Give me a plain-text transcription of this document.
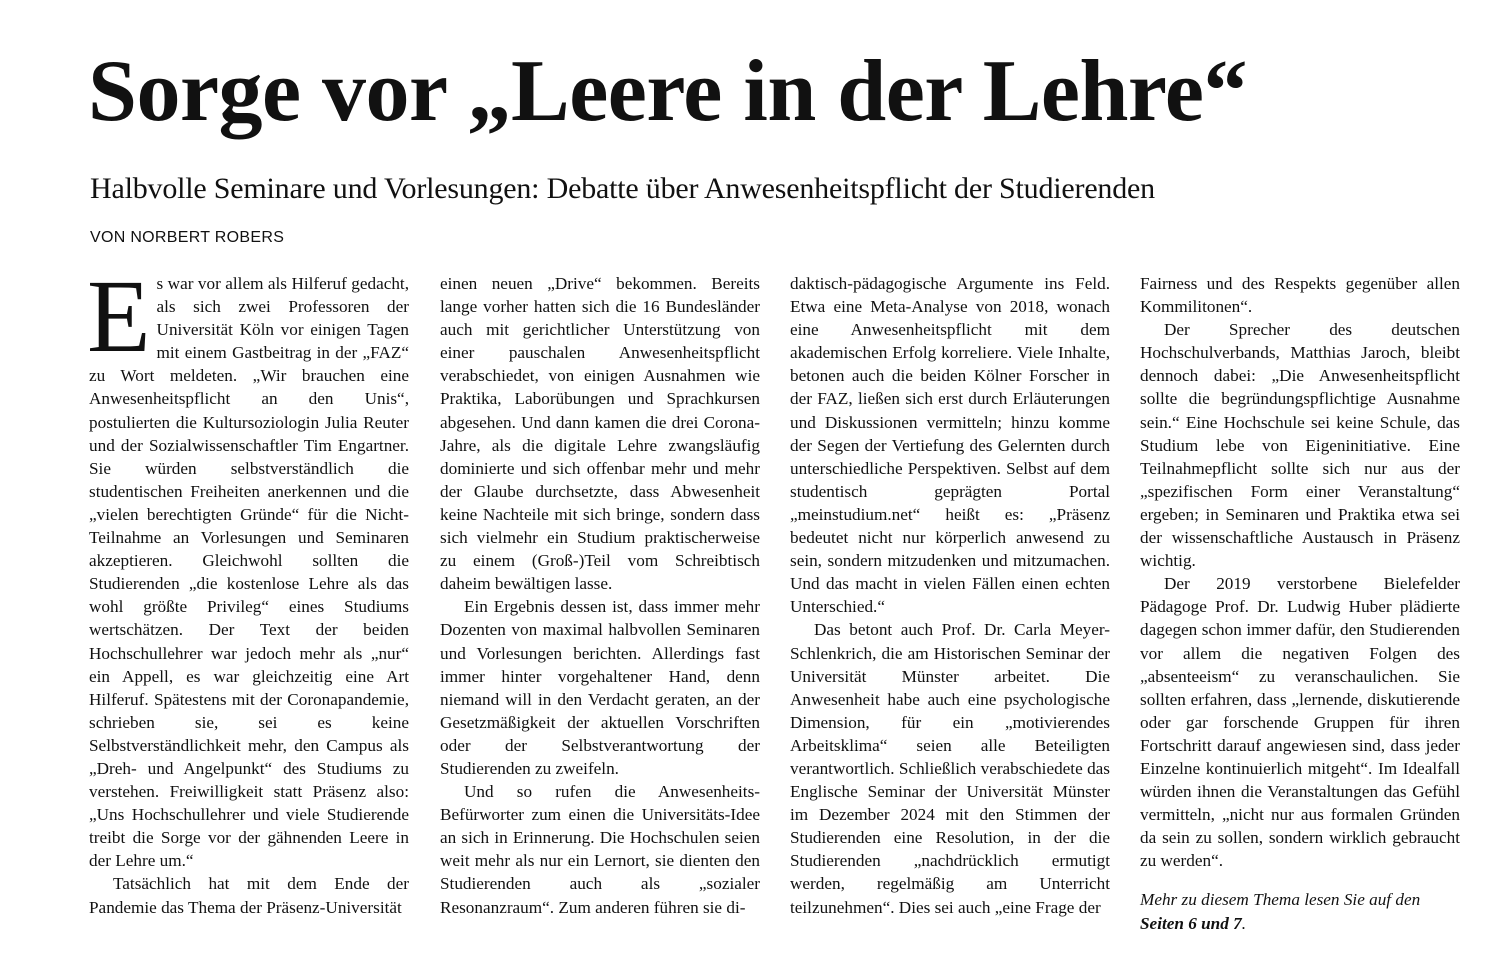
Sorge vor „Leere in der Lehre“
Halbvolle Seminare und Vorlesungen: Debatte über Anwesenheitspflicht der Studierenden
VON NORBERT ROBERS

Es war vor allem als Hilferuf gedacht, als sich zwei Professoren der Universität Köln vor einigen Tagen mit einem Gastbeitrag in der „FAZ“ zu Wort meldeten. „Wir brauchen eine Anwesenheitspflicht an den Unis“, postulierten die Kultursoziologin Julia Reuter und der Sozialwissenschaftler Tim Engartner. Sie würden selbstverständlich die studentischen Freiheiten anerkennen und die „vielen berechtigten Gründe“ für die Nicht-Teilnahme an Vorlesungen und Seminaren akzeptieren. Gleichwohl sollten die Studierenden „die kostenlose Lehre als das wohl größte Privileg“ eines Studiums wertschätzen. Der Text der beiden Hochschullehrer war jedoch mehr als „nur“ ein Appell, es war gleichzeitig eine Art Hilferuf. Spätestens mit der Coronapandemie, schrieben sie, sei es keine Selbstverständlichkeit mehr, den Campus als „Dreh- und Angelpunkt“ des Studiums zu verstehen. Freiwilligkeit statt Präsenz also: „Uns Hochschullehrer und viele Studierende treibt die Sorge vor der gähnenden Leere in der Lehre um.“

Tatsächlich hat mit dem Ende der Pandemie das Thema der Präsenz-Universität

einen neuen „Drive“ bekommen. Bereits lange vorher hatten sich die 16 Bundesländer auch mit gerichtlicher Unterstützung von einer pauschalen Anwesenheitspflicht verabschiedet, von einigen Ausnahmen wie Praktika, Laborübungen und Sprachkursen abgesehen. Und dann kamen die drei Corona-Jahre, als die digitale Lehre zwangsläufig dominierte und sich offenbar mehr und mehr der Glaube durchsetzte, dass Abwesenheit keine Nachteile mit sich bringe, sondern dass sich vielmehr ein Studium praktischerweise zu einem (Groß-)Teil vom Schreibtisch daheim bewältigen lasse.

Ein Ergebnis dessen ist, dass immer mehr Dozenten von maximal halbvollen Seminaren und Vorlesungen berichten. Allerdings fast immer hinter vorgehaltener Hand, denn niemand will in den Verdacht geraten, an der Gesetzmäßigkeit der aktuellen Vorschriften oder der Selbstverantwortung der Studierenden zu zweifeln.

Und so rufen die Anwesenheits-Befürworter zum einen die Universitäts-Idee an sich in Erinnerung. Die Hochschulen seien weit mehr als nur ein Lernort, sie dienten den Studierenden auch als „sozialer Resonanzraum“. Zum anderen führen sie di-

daktisch-pädagogische Argumente ins Feld. Etwa eine Meta-Analyse von 2018, wonach eine Anwesenheitspflicht mit dem akademischen Erfolg korreliere. Viele Inhalte, betonen auch die beiden Kölner Forscher in der FAZ, ließen sich erst durch Erläuterungen und Diskussionen vermitteln; hinzu komme der Segen der Vertiefung des Gelernten durch unterschiedliche Perspektiven. Selbst auf dem studentisch geprägten Portal „meinstudium.net“ heißt es: „Präsenz bedeutet nicht nur körperlich anwesend zu sein, sondern mitzudenken und mitzumachen. Und das macht in vielen Fällen einen echten Unterschied.“

Das betont auch Prof. Dr. Carla Meyer-Schlenkrich, die am Historischen Seminar der Universität Münster arbeitet. Die Anwesenheit habe auch eine psychologische Dimension, für ein „motivierendes Arbeitsklima“ seien alle Beteiligten verantwortlich. Schließlich verabschiedete das Englische Seminar der Universität Münster im Dezember 2024 mit den Stimmen der Studierenden eine Resolution, in der die Studierenden „nachdrücklich ermutigt werden, regelmäßig am Unterricht teilzunehmen“. Dies sei auch „eine Frage der

Fairness und des Respekts gegenüber allen Kommilitonen“.

Der Sprecher des deutschen Hochschulverbands, Matthias Jaroch, bleibt dennoch dabei: „Die Anwesenheitspflicht sollte die begründungspflichtige Ausnahme sein.“ Eine Hochschule sei keine Schule, das Studium lebe von Eigeninitiative. Eine Teilnahmepflicht sollte sich nur aus der „spezifischen Form einer Veranstaltung“ ergeben; in Seminaren und Praktika etwa sei der wissenschaftliche Austausch in Präsenz wichtig.

Der 2019 verstorbene Bielefelder Pädagoge Prof. Dr. Ludwig Huber plädierte dagegen schon immer dafür, den Studierenden vor allem die negativen Folgen des „absenteeism“ zu veranschaulichen. Sie sollten erfahren, dass „lernende, diskutierende oder gar forschende Gruppen für ihren Fortschritt darauf angewiesen sind, dass jeder Einzelne kontinuierlich mitgeht“. Im Idealfall würden ihnen die Veranstaltungen das Gefühl vermitteln, „nicht nur aus formalen Gründen da sein zu sollen, sondern wirklich gebraucht zu werden“.

Mehr zu diesem Thema lesen Sie auf den Seiten 6 und 7.
